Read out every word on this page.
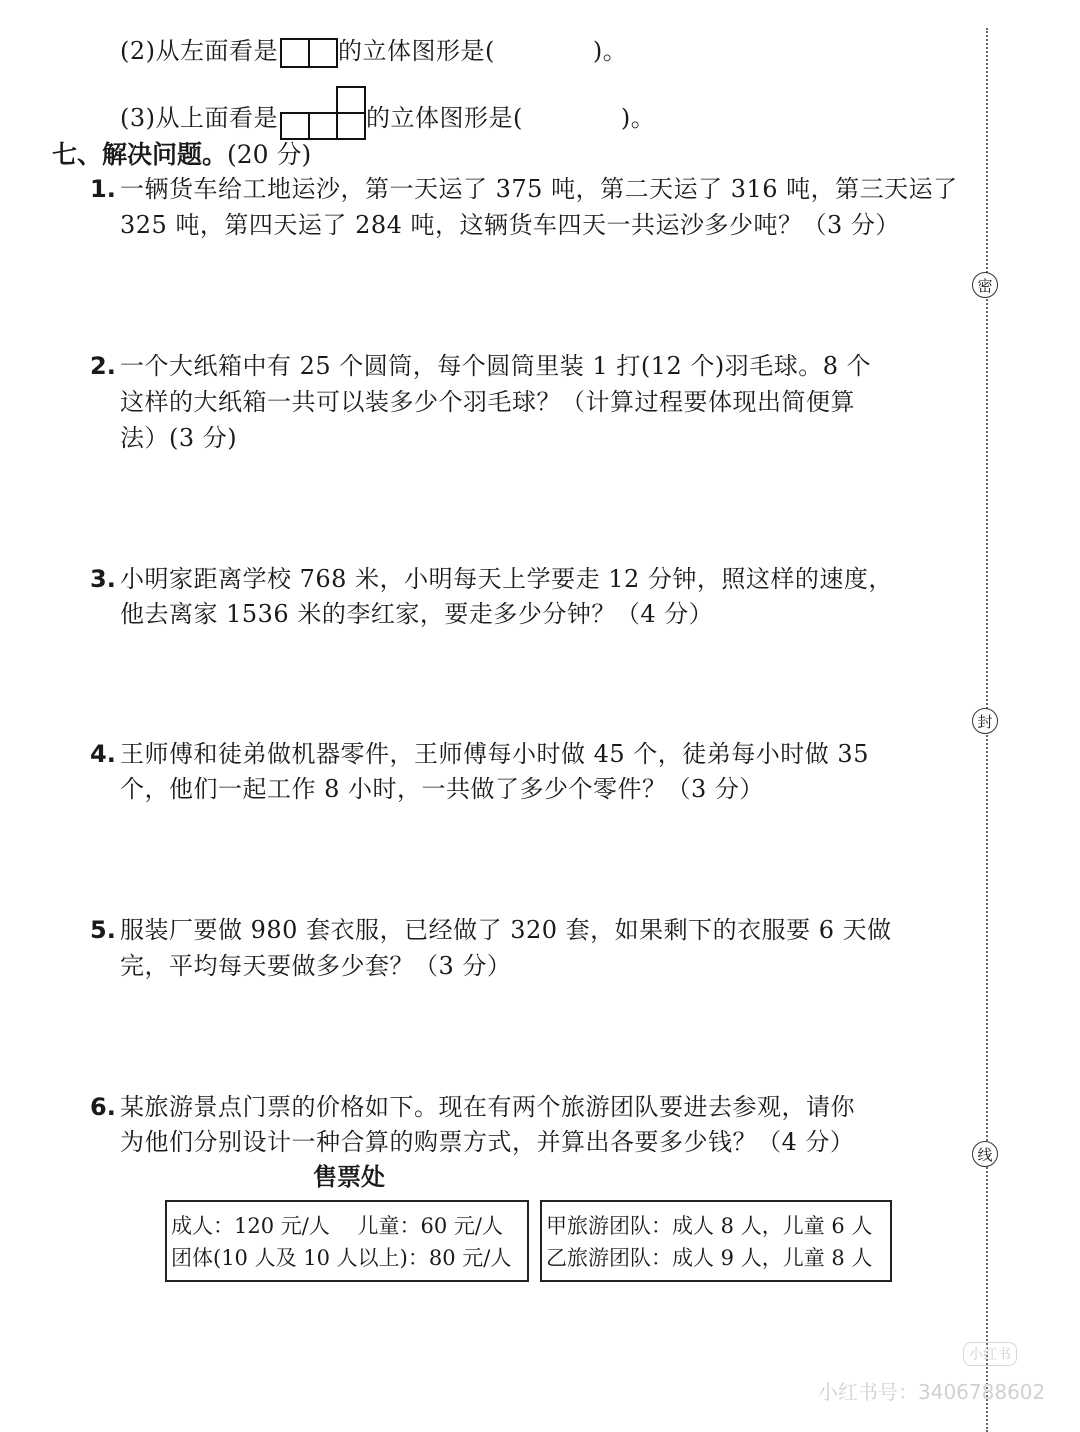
(2)从左面看是	的立体图形是(　　　　)。
(3)从上面看是	的立体图形是(　　　　)。
七、解决问题。(20 分)
1. 一辆货车给工地运沙，第一天运了 375 吨，第二天运了 316 吨，第三天运了
325 吨，第四天运了 284 吨，这辆货车四天一共运沙多少吨？（3 分）
2. 一个大纸箱中有 25 个圆筒，每个圆筒里装 1 打(12 个)羽毛球。8 个
这样的大纸箱一共可以装多少个羽毛球？（计算过程要体现出简便算
法）(3 分)
3. 小明家距离学校 768 米，小明每天上学要走 12 分钟，照这样的速度，
他去离家 1536 米的李红家，要走多少分钟？（4 分）
4. 王师傅和徒弟做机器零件，王师傅每小时做 45 个，徒弟每小时做 35
个，他们一起工作 8 小时，一共做了多少个零件？（3 分）
5. 服装厂要做 980 套衣服，已经做了 320 套，如果剩下的衣服要 6 天做
完，平均每天要做多少套？（3 分）
6. 某旅游景点门票的价格如下。现在有两个旅游团队要进去参观，请你
为他们分别设计一种合算的购票方式，并算出各要多少钱？（4 分）
售票处
成人：120 元/人　 儿童：60 元/人
团体(10 人及 10 人以上)：80 元/人
甲旅游团队：成人 8 人，儿童 6 人
乙旅游团队：成人 9 人，儿童 8 人
密
封
线
小红书
小红书号：3406788602
